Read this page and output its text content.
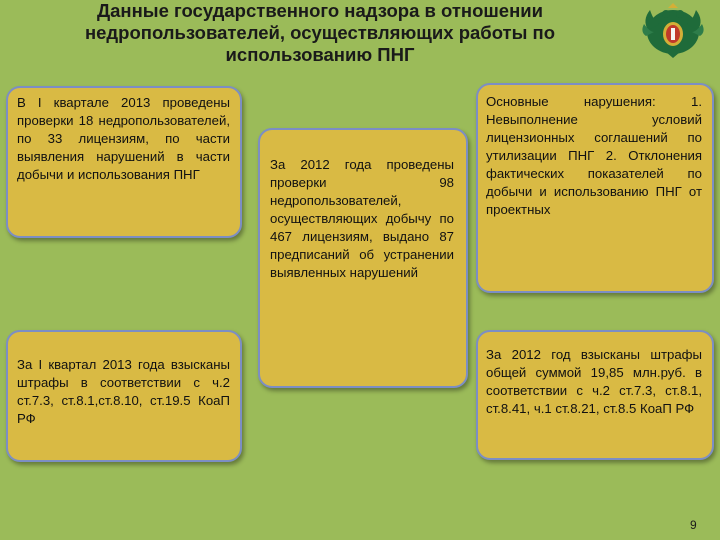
Данные государственного надзора в отношении недропользователей, осуществляющих работы по использованию ПНГ
В I квартале 2013 проведены проверки 18 недропользователей, по 33 лицензиям, по части выявления нарушений в части добычи и использования ПНГ
За I квартал 2013 года взысканы штрафы в соответствии с ч.2 ст.7.3, ст.8.1,ст.8.10, ст.19.5 КоаП РФ
За 2012 года проведены проверки 98 недропользователей, осуществляющих добычу по 467 лицензиям, выдано 87 предписаний об устранении выявленных нарушений
Основные нарушения: 1. Невыполнение условий лицензионных соглашений по утилизации ПНГ 2. Отклонения фактических показателей по добычи и использованию ПНГ от проектных
За 2012 год взысканы штрафы общей суммой 19,85 млн.руб. в соответствии с ч.2 ст.7.3, ст.8.1, ст.8.41, ч.1 ст.8.21, ст.8.5 КоаП РФ
9
